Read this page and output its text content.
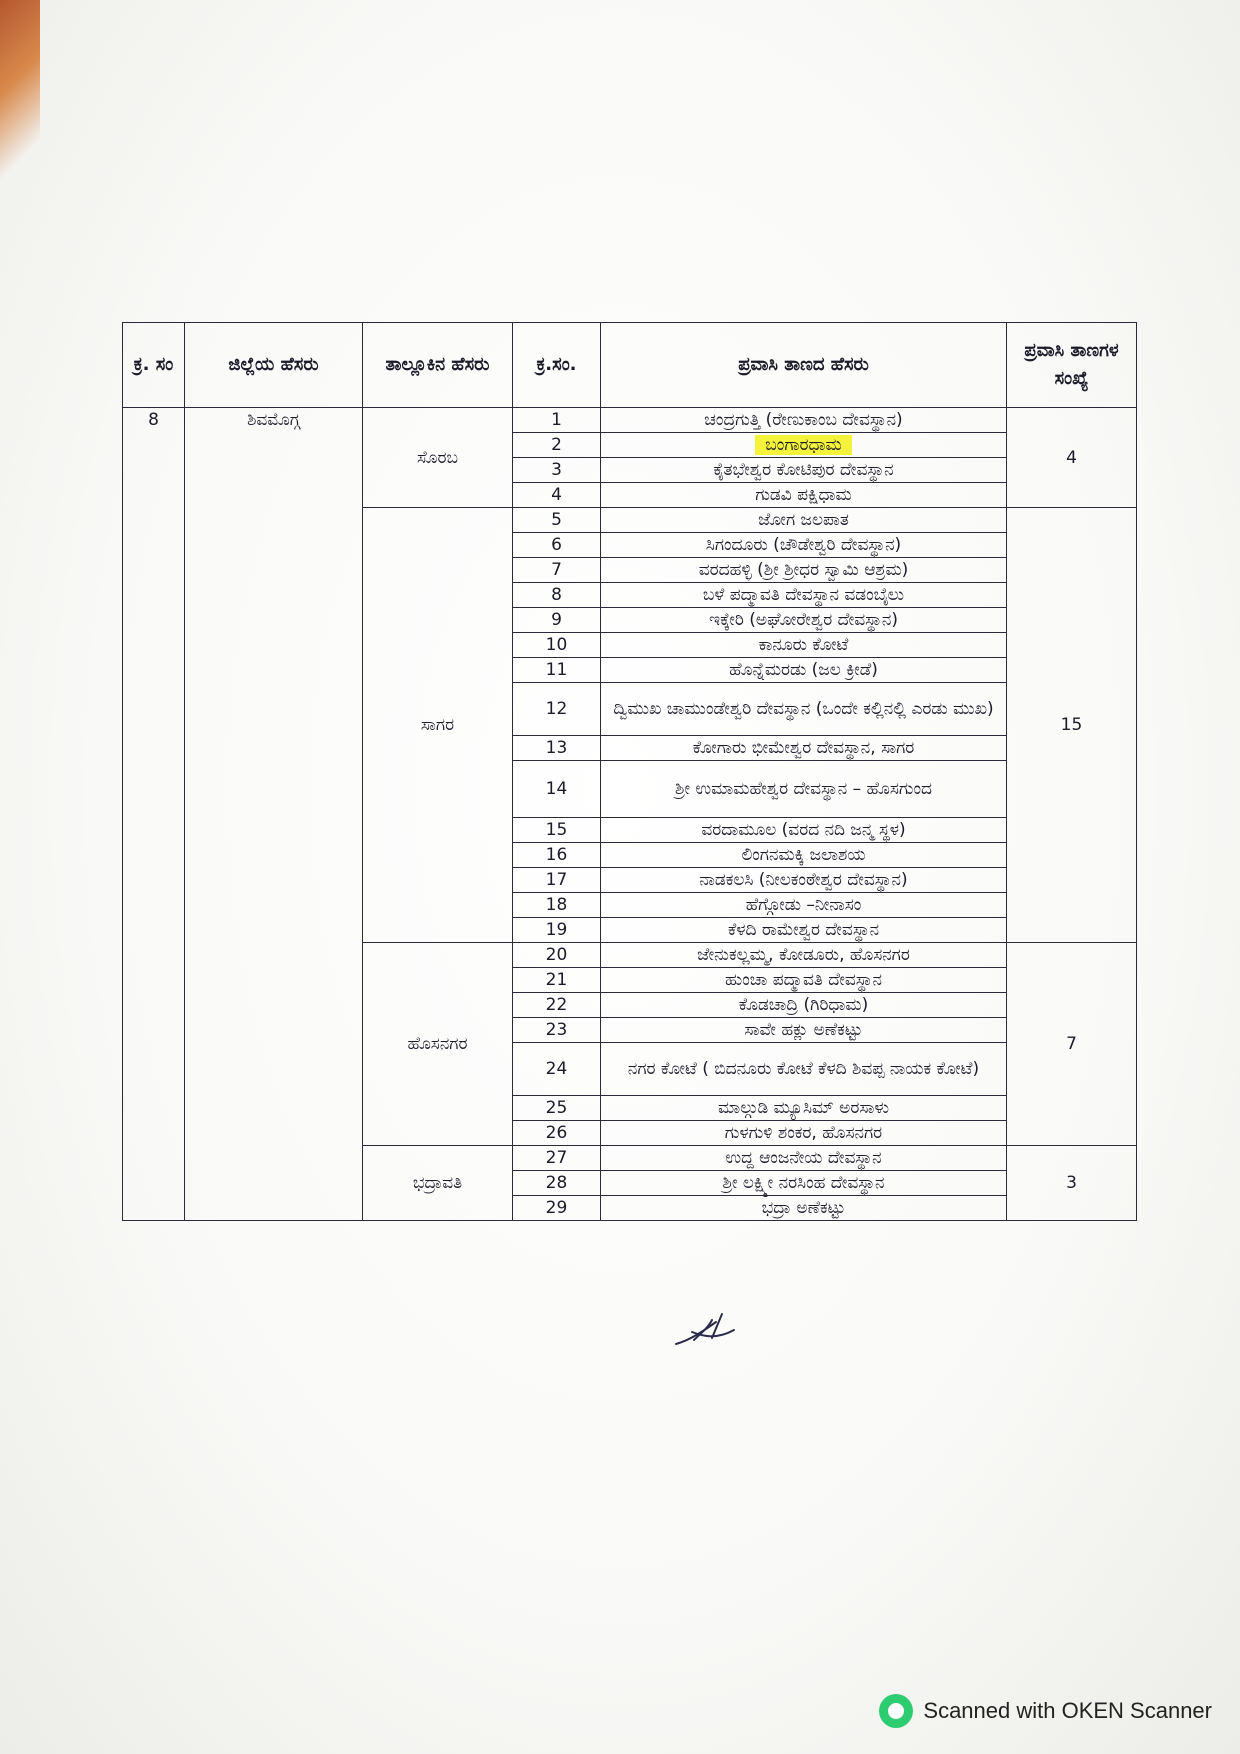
ಕ್ರ. ಸಂ	ಜಿಲ್ಲೆಯ ಹೆಸರು	ತಾಲ್ಲೂಕಿನ ಹೆಸರು	ಕ್ರ.ಸಂ.	ಪ್ರವಾಸಿ ತಾಣದ ಹೆಸರು	ಪ್ರವಾಸಿ ತಾಣಗಳ ಸಂಖ್ಯೆ
8	ಶಿವಮೊಗ್ಗ	ಸೊರಬ	1	ಚಂದ್ರಗುತ್ತಿ (ರೇಣುಕಾಂಬ ದೇವಸ್ಥಾನ)	4
			2	ಬಂಗಾರಧಾಮ	
			3	ಕೈತಭೇಶ್ವರ ಕೋಟಿಪುರ ದೇವಸ್ಥಾನ	
			4	ಗುಡವಿ ಪಕ್ಷಿಧಾಮ	
		ಸಾಗರ	5	ಜೋಗ ಜಲಪಾತ	15
			6	ಸಿಗಂದೂರು (ಚೌಡೇಶ್ವರಿ ದೇವಸ್ಥಾನ)	
			7	ವರದಹಳ್ಳಿ (ಶ್ರೀ ಶ್ರೀಧರ ಸ್ವಾಮಿ ಆಶ್ರಮ)	
			8	ಬಳೆ ಪದ್ಮಾವತಿ ದೇವಸ್ಥಾನ ವಡಂಬೈಲು	
			9	ಇಕ್ಕೇರಿ (ಅಘೋರೇಶ್ವರ ದೇವಸ್ಥಾನ)	
			10	ಕಾನೂರು ಕೋಟೆ	
			11	ಹೊನ್ನೆಮರಡು (ಜಲ ಕ್ರೀಡೆ)	
			12	ದ್ವಿಮುಖ ಚಾಮುಂಡೇಶ್ವರಿ ದೇವಸ್ಥಾನ (ಒಂದೇ ಕಲ್ಲಿನಲ್ಲಿ ಎರಡು ಮುಖ)	
			13	ಕೋಗಾರು ಭೀಮೇಶ್ವರ ದೇವಸ್ಥಾನ, ಸಾಗರ	
			14	ಶ್ರೀ ಉಮಾಮಹೇಶ್ವರ ದೇವಸ್ಥಾನ – ಹೊಸಗುಂದ	
			15	ವರದಾಮೂಲ (ವರದ ನದಿ ಜನ್ಮ ಸ್ಥಳ)	
			16	ಲಿಂಗನಮಕ್ಕಿ ಜಲಾಶಯ	
			17	ನಾಡಕಲಸಿ (ನೀಲಕಂಠೇಶ್ವರ ದೇವಸ್ಥಾನ)	
			18	ಹೆಗ್ಗೋಡು –ನೀನಾಸಂ	
			19	ಕೆಳದಿ ರಾಮೇಶ್ವರ ದೇವಸ್ಥಾನ	
		ಹೊಸನಗರ	20	ಜೇನುಕಲ್ಲಮ್ಮ, ಕೋಡೂರು, ಹೊಸನಗರ	7
			21	ಹುಂಚಾ ಪದ್ಮಾವತಿ ದೇವಸ್ಥಾನ	
			22	ಕೊಡಚಾದ್ರಿ (ಗಿರಿಧಾಮ)	
			23	ಸಾವೇ ಹಕ್ಲು ಅಣೆಕಟ್ಟು	
			24	ನಗರ ಕೋಟೆ ( ಬಿದನೂರು ಕೋಟೆ ಕೆಳದಿ ಶಿವಪ್ಪ ನಾಯಕ ಕೋಟೆ)	
			25	ಮಾಲ್ಗುಡಿ ಮ್ಯೂಸಿಮ್ ಅರಸಾಳು	
			26	ಗುಳಗುಳಿ ಶಂಕರ, ಹೊಸನಗರ	
		ಭದ್ರಾವತಿ	27	ಉದ್ದ ಆಂಜನೇಯ ದೇವಸ್ಥಾನ	3
			28	ಶ್ರೀ ಲಕ್ಷ್ಮೀ ನರಸಿಂಹ ದೇವಸ್ಥಾನ	
			29	ಭದ್ರಾ ಅಣೆಕಟ್ಟು	
Scanned with OKEN Scanner
